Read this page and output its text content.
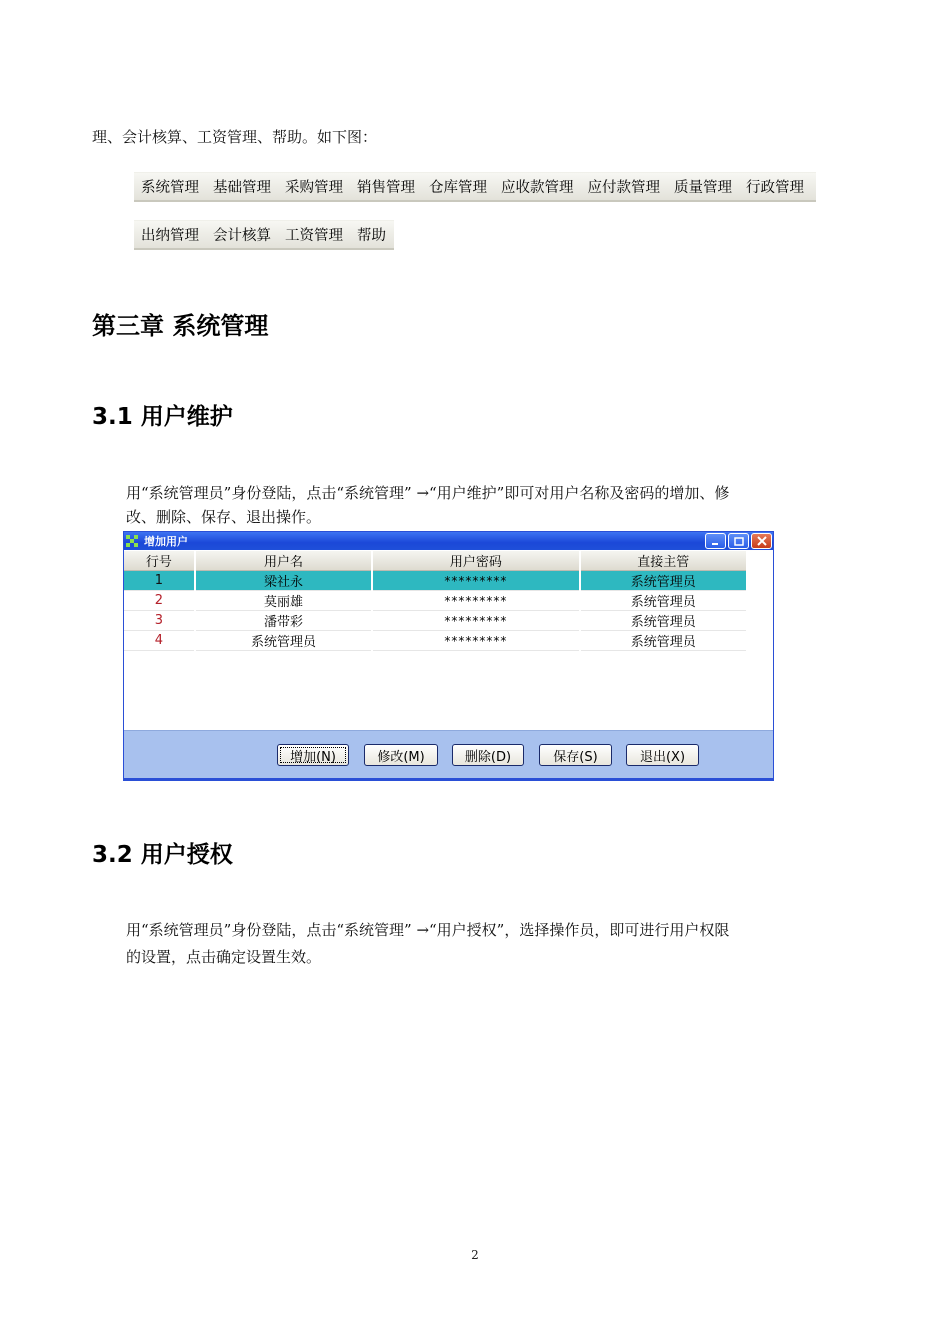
理、会计核算、工资管理、帮助。如下图：
系统管理 基础管理 采购管理 销售管理 仓库管理 应收款管理 应付款管理 质量管理 行政管理
出纳管理 会计核算 工资管理 帮助
第三章 系统管理
3.1 用户维护
用“系统管理员”身份登陆，点击“系统管理” →“用户维护”即可对用户名称及密码的增加、修
改、删除、保存、退出操作。
增加用户
行号	用户名	用户密码	直接主管
1	梁社永	*********	系统管理员
2	莫丽雄	*********	系统管理员
3	潘带彩	*********	系统管理员
4	系统管理员	*********	系统管理员
增加(N)	修改(M)	删除(D)	保存(S)	退出(X)
3.2 用户授权
用“系统管理员”身份登陆，点击“系统管理” →“用户授权”，选择操作员，即可进行用户权限
的设置，点击确定设置生效。
2
